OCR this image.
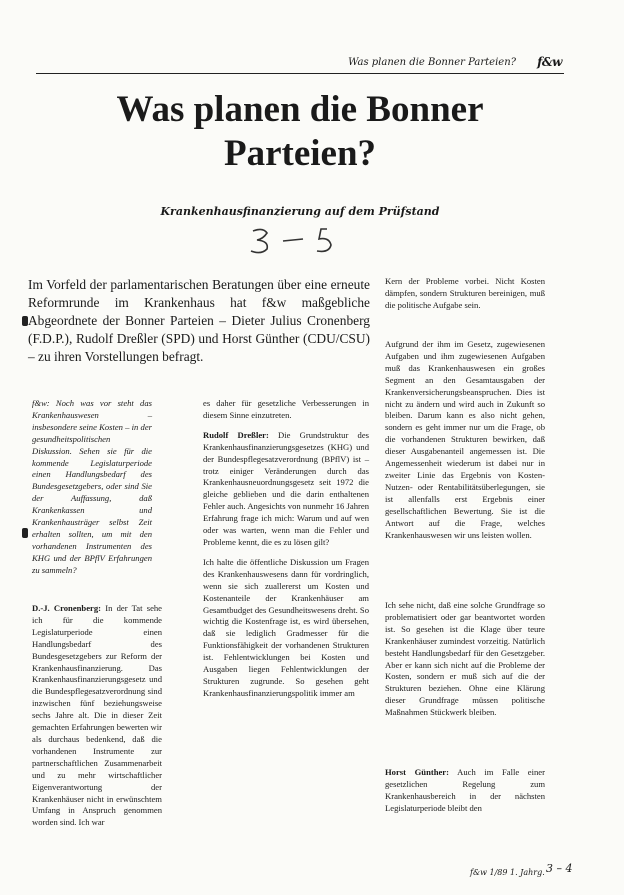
Was planen die Bonner Parteien? f&w
Was planen die Bonner Parteien?
Krankenhausfinanzierung auf dem Prüfstand
Im Vorfeld der parlamentarischen Beratungen über eine erneute Reformrunde im Krankenhaus hat f&w maßgebliche Abgeordnete der Bonner Parteien – Dieter Julius Cronenberg (F.D.P.), Rudolf Dreßler (SPD) und Horst Günther (CDU/CSU) – zu ihren Vorstellungen befragt.

f&w: Noch was vor steht das Krankenhauswesen – insbesondere seine Kosten – in der gesundheitspolitischen Diskussion. Sehen sie für die kommende Legislaturperiode einen Handlungsbedarf des Bundesgesetzgebers, oder sind Sie der Auffassung, daß Krankenkassen und Krankenhausträger selbst Zeit erhalten sollten, um mit den vorhandenen Instrumenten des KHG und der BPflV Erfahrungen zu sammeln?

D.-J. Cronenberg: In der Tat sehe ich für die kommende Legislaturperiode einen Handlungsbedarf des Bundesgesetzgebers zur Reform der Krankenhausfinanzierung. Das Krankenhausfinanzierungsgesetz und die Bundespflegesatzverordnung sind inzwischen fünf beziehungsweise sechs Jahre alt. Die in dieser Zeit gemachten Erfahrungen bewerten wir als durchaus bedenkend, daß die vorhandenen Instrumente zur partnerschaftlichen Zusammenarbeit und zu mehr wirtschaftlicher Eigenverantwortung der Krankenhäuser nicht in erwünschtem Umfang in Anspruch genommen worden sind. Ich war

es daher für gesetzliche Verbesserungen in diesem Sinne einzutreten.

Rudolf Dreßler: Die Grundstruktur des Krankenhausfinanzierungsgesetzes (KHG) und der Bundespflegesatzverordnung (BPflV) ist – trotz einiger Veränderungen durch das Krankenhausneuordnungsgesetz seit 1972 die gleiche geblieben und die darin enthaltenen Fehler auch. Angesichts von nunmehr 16 Jahren Erfahrung frage ich mich: Warum und auf wen oder was warten, wenn man die Fehler und Probleme kennt, die es zu lösen gilt?

Ich halte die öffentliche Diskussion um Fragen des Krankenhauswesens dann für vordringlich, wenn sie sich zuallererst um Kosten und Kostenanteile der Krankenhäuser am Gesamtbudget des Gesundheitswesens dreht. So wichtig die Kostenfrage ist, es wird übersehen, daß sie lediglich Gradmesser für die Funktionsfähigkeit der vorhandenen Strukturen ist. Fehlentwicklungen bei Kosten und Ausgaben liegen Fehlentwicklungen der Strukturen zugrunde. So gesehen geht Krankenhausfinanzierungspolitik immer am

Kern der Probleme vorbei. Nicht Kosten dämpfen, sondern Strukturen bereinigen, muß die politische Aufgabe sein.

Aufgrund der ihm im Gesetz, zugewiesenen Aufgaben und ihm zugewiesenen Aufgaben muß das Krankenhauswesen ein großes Segment an den Gesamtausgaben der Krankenversicherungsbeanspruchen. Dies ist nicht zu ändern und wird auch in Zukunft so bleiben. Darum kann es also nicht gehen, sondern es geht immer nur um die Frage, ob die vorhandenen Strukturen bewirken, daß dieser Ausgabenanteil angemessen ist. Die Angemessenheit wiederum ist dabei nur in zweiter Linie das Ergebnis von Kosten-Nutzen- oder Rentabilitätsüberlegungen, sie ist allenfalls erst Ergebnis einer gesellschaftlichen Bewertung. Sie ist die Antwort auf die Frage, welches Krankenhauswesen wir uns leisten wollen.

Ich sehe nicht, daß eine solche Grundfrage so problematisiert oder gar beantwortet worden ist. So gesehen ist die Klage über teure Krankenhäuser zumindest vorzeitig. Natürlich besteht Handlungsbedarf für den Gesetzgeber. Aber er kann sich nicht auf die Probleme der Kosten, sondern er muß sich auf die der Strukturen beziehen. Ohne eine Klärung dieser Grundfrage müssen politische Maßnahmen Stückwerk bleiben.

Horst Günther: Auch im Falle einer gesetzlichen Regelung zum Krankenhausbereich in der nächsten Legislaturperiode bleibt den

f&w 1/89 1. Jahrg. 3 – 4
